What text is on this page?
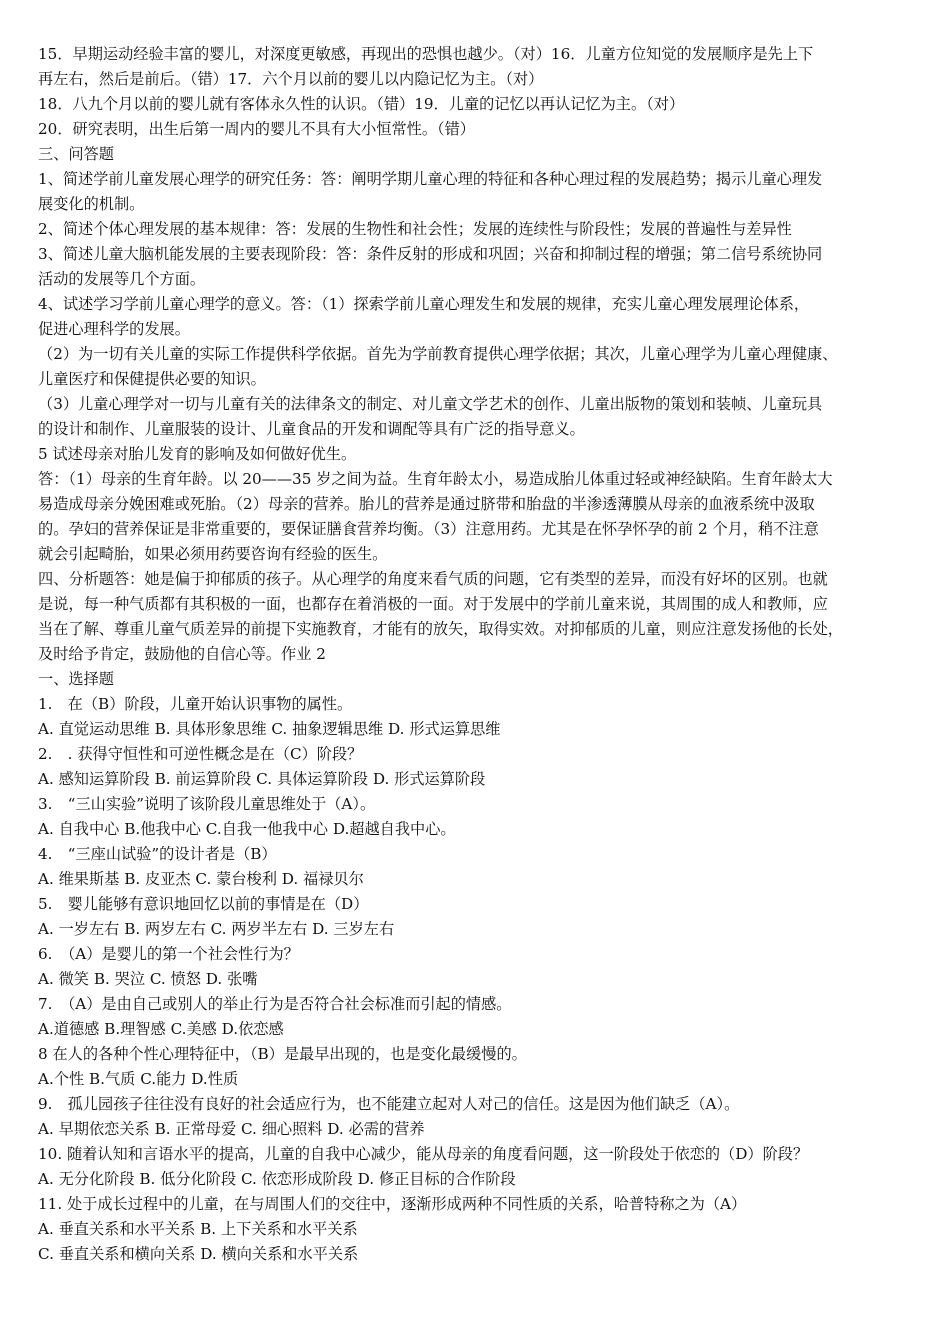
15．早期运动经验丰富的婴儿，对深度更敏感，再现出的恐惧也越少。（对）16．儿童方位知觉的发展顺序是先上下

再左右，然后是前后。（错）17．六个月以前的婴儿以内隐记忆为主。（对）

18．八九个月以前的婴儿就有客体永久性的认识。（错）19．儿童的记忆以再认记忆为主。（对）

20．研究表明，出生后第一周内的婴儿不具有大小恒常性。（错）

三、问答题

1、简述学前儿童发展心理学的研究任务：答：阐明学期儿童心理的特征和各种心理过程的发展趋势；揭示儿童心理发

展变化的机制。

2、简述个体心理发展的基本规律：答：发展的生物性和社会性；发展的连续性与阶段性；发展的普遍性与差异性

3、简述儿童大脑机能发展的主要表现阶段：答：条件反射的形成和巩固；兴奋和抑制过程的增强；第二信号系统协同

活动的发展等几个方面。

4、试述学习学前儿童心理学的意义。答：（1）探索学前儿童心理发生和发展的规律，充实儿童心理发展理论体系，

促进心理科学的发展。

（2）为一切有关儿童的实际工作提供科学依据。首先为学前教育提供心理学依据；其次，儿童心理学为儿童心理健康、

儿童医疗和保健提供必要的知识。

（3）儿童心理学对一切与儿童有关的法律条文的制定、对儿童文学艺术的创作、儿童出版物的策划和装帧、儿童玩具

的设计和制作、儿童服装的设计、儿童食品的开发和调配等具有广泛的指导意义。

5 试述母亲对胎儿发育的影响及如何做好优生。

答：（1）母亲的生育年龄。以 20——35 岁之间为益。生育年龄太小，易造成胎儿体重过轻或神经缺陷。生育年龄太大

易造成母亲分娩困难或死胎。（2）母亲的营养。胎儿的营养是通过脐带和胎盘的半渗透薄膜从母亲的血液系统中汲取

的。孕妇的营养保证是非常重要的，要保证膳食营养均衡。（3）注意用药。尤其是在怀孕怀孕的前 2 个月，稍不注意

就会引起畸胎，如果必须用药要咨询有经验的医生。

四、分析题答：她是偏于抑郁质的孩子。从心理学的角度来看气质的问题，它有类型的差异，而没有好坏的区别。也就

是说，每一种气质都有其积极的一面，也都存在着消极的一面。对于发展中的学前儿童来说，其周围的成人和教师，应

当在了解、尊重儿童气质差异的前提下实施教育，才能有的放矢，取得实效。对抑郁质的儿童，则应注意发扬他的长处，

及时给予肯定，鼓励他的自信心等。作业 2

一、选择题

1.　在（B）阶段，儿童开始认识事物的属性。

A. 直觉运动思维 B. 具体形象思维 C. 抽象逻辑思维 D. 形式运算思维

2.　. 获得守恒性和可逆性概念是在（C）阶段？

A. 感知运算阶段 B. 前运算阶段 C. 具体运算阶段 D. 形式运算阶段

3.　“三山实验”说明了该阶段儿童思维处于（A）。

A. 自我中心 B.他我中心 C.自我一他我中心 D.超越自我中心。

4.　“三座山试验”的设计者是（B）

A. 维果斯基 B. 皮亚杰 C. 蒙台梭利 D. 福禄贝尔

5.　婴儿能够有意识地回忆以前的事情是在（D）

A. 一岁左右 B. 两岁左右 C. 两岁半左右 D. 三岁左右

6.　（A）是婴儿的第一个社会性行为？

A. 微笑 B. 哭泣 C. 愤怒 D. 张嘴

7.　（A）是由自己或别人的举止行为是否符合社会标准而引起的情感。

A.道德感 B.理智感 C.美感 D.依恋感

8 在人的各种个性心理特征中，（B）是最早出现的，也是变化最缓慢的。

A.个性 B.气质 C.能力 D.性质

9.　孤儿园孩子往往没有良好的社会适应行为，也不能建立起对人对己的信任。这是因为他们缺乏（A）。

A. 早期依恋关系 B. 正常母爱 C. 细心照料 D. 必需的营养

10. 随着认知和言语水平的提高，儿童的自我中心减少，能从母亲的角度看问题，这一阶段处于依恋的（D）阶段？

A. 无分化阶段 B. 低分化阶段 C. 依恋形成阶段 D. 修正目标的合作阶段

11. 处于成长过程中的儿童，在与周围人们的交往中，逐渐形成两种不同性质的关系，哈普特称之为（A）

A. 垂直关系和水平关系 B. 上下关系和水平关系

C. 垂直关系和横向关系 D. 横向关系和水平关系
